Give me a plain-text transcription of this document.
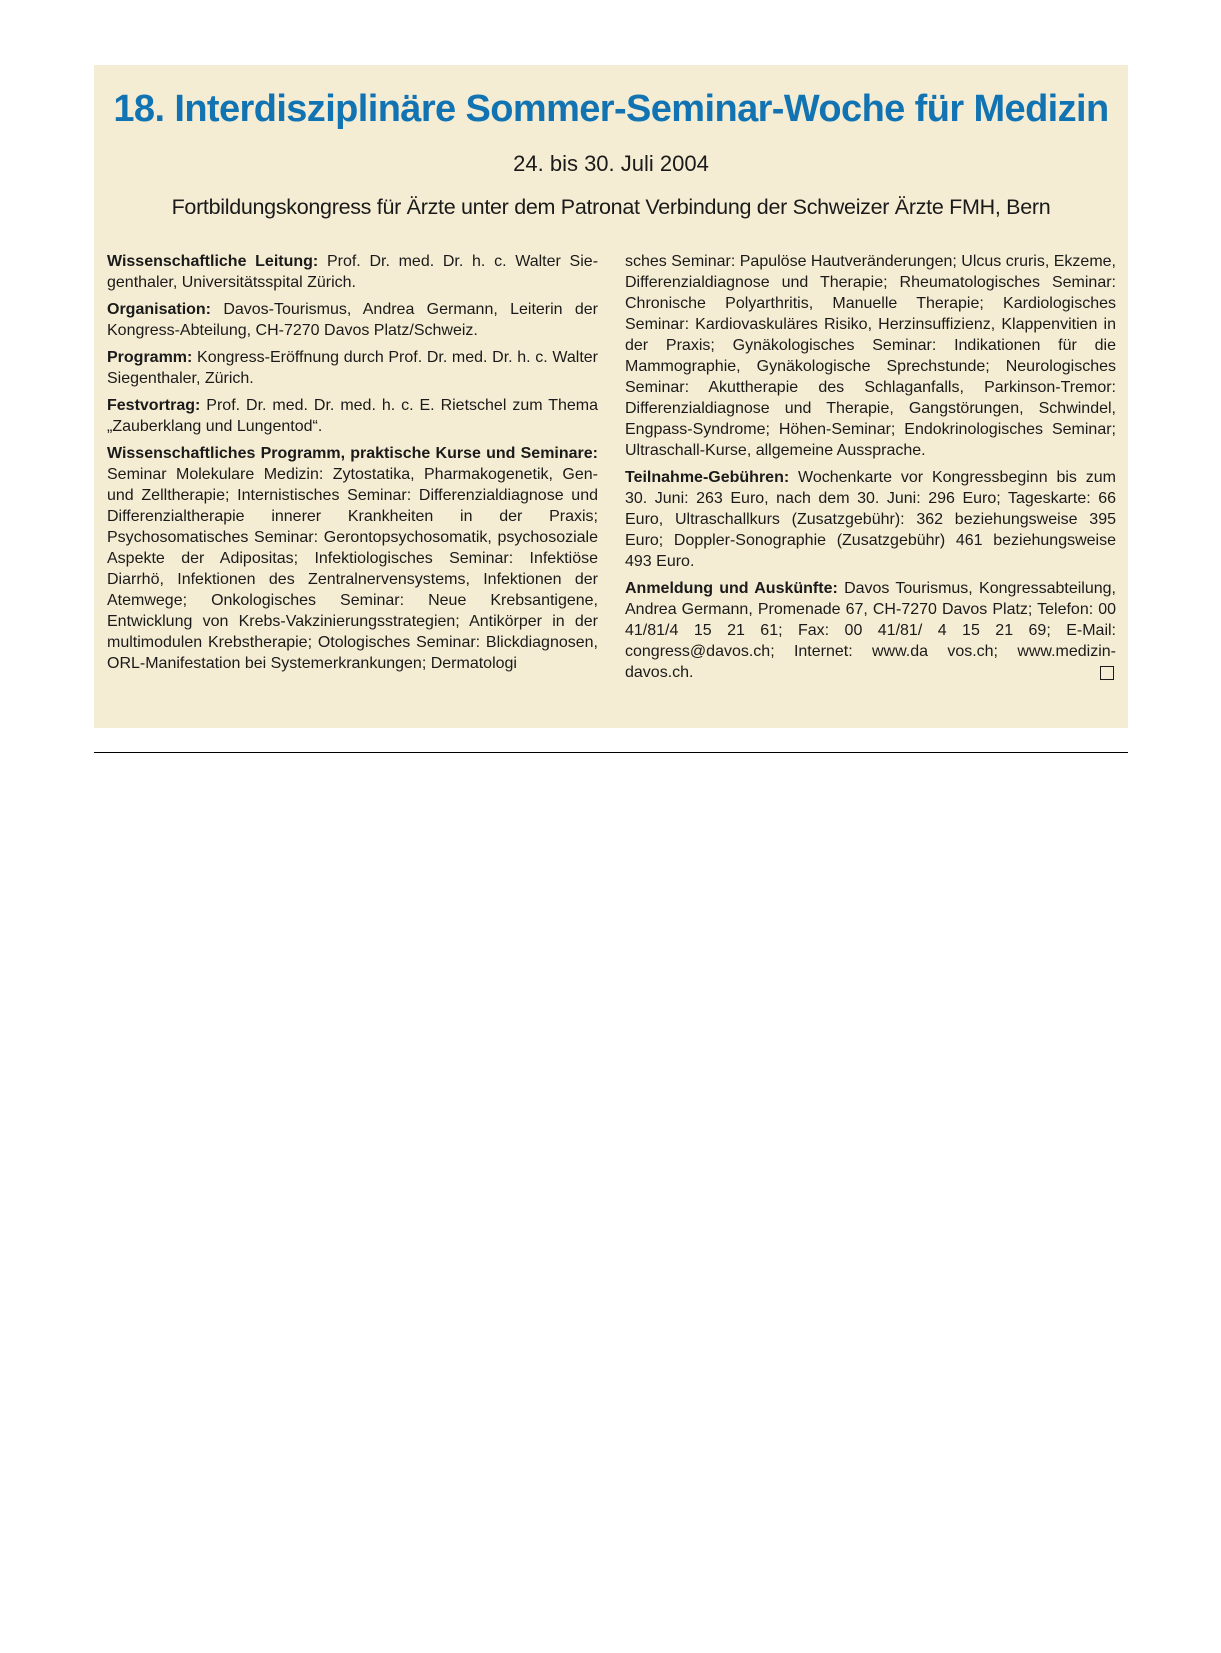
18. Interdisziplinäre Sommer-Seminar-Woche für Medizin
24. bis 30. Juli 2004
Fortbildungskongress für Ärzte unter dem Patronat Verbindung der Schweizer Ärzte FMH, Bern

Wissenschaftliche Leitung: Prof. Dr. med. Dr. h. c. Walter Siegenthaler, Universitätsspital Zürich.

Organisation: Davos-Tourismus, Andrea Germann, Leiterin der Kongress-Abteilung, CH-7270 Davos Platz/Schweiz.

Programm: Kongress-Eröffnung durch Prof. Dr. med. Dr. h. c. Walter Siegenthaler, Zürich.

Festvortrag: Prof. Dr. med. Dr. med. h. c. E. Rietschel zum Thema „Zauberklang und Lungentod“.

Wissenschaftliches Programm, praktische Kurse und Seminare: Seminar Molekulare Medizin: Zytostatika, Pharmakogenetik, Gen- und Zelltherapie; Internistisches Seminar: Differenzialdiagnose und Differenzialtherapie innerer Krankheiten in der Praxis; Psychosomatisches Seminar: Gerontopsychosomatik, psychosoziale Aspekte der Adipositas; Infektiologisches Seminar: Infektiöse Diarrhö, Infektionen des Zentralnervensystems, Infektionen der Atemwege; Onkologisches Seminar: Neue Krebsantigene, Entwicklung von Krebs-Vakzinierungsstrategien; Antikörper in der multimodulen Krebstherapie; Otologisches Seminar: Blickdiagnosen, ORL-Manifestation bei Systemerkrankungen; Dermatologi

sches Seminar: Papulöse Hautveränderungen; Ulcus cruris, Ekzeme, Differenzialdiagnose und Therapie; Rheumatologisches Seminar: Chronische Polyarthritis, Manuelle Therapie; Kardiologisches Seminar: Kardiovaskuläres Risiko, Herzinsuffizienz, Klappenvitien in der Praxis; Gynäkologisches Seminar: Indikationen für die Mammographie, Gynäkologische Sprechstunde; Neurologisches Seminar: Akuttherapie des Schlaganfalls, Parkinson-Tremor: Differenzialdiagnose und Therapie, Gangstörungen, Schwindel, Engpass-Syndrome; Höhen-Seminar; Endokrinologisches Seminar; Ultraschall-Kurse, allgemeine Aussprache.

Teilnahme-Gebühren: Wochenkarte vor Kongressbeginn bis zum 30. Juni: 263 Euro, nach dem 30. Juni: 296 Euro; Tageskarte: 66 Euro, Ultraschallkurs (Zusatzgebühr): 362 beziehungsweise 395 Euro; Doppler-Sonographie (Zusatzgebühr) 461 beziehungsweise 493 Euro.

Anmeldung und Auskünfte: Davos Tourismus, Kongressabteilung, Andrea Germann, Promenade 67, CH-7270 Davos Platz; Telefon: 00 41/81/4 15 21 61; Fax: 00 41/81/ 4 15 21 69; E-Mail: congress@davos.ch; Internet: www.da vos.ch; www.medizin-davos.ch.
